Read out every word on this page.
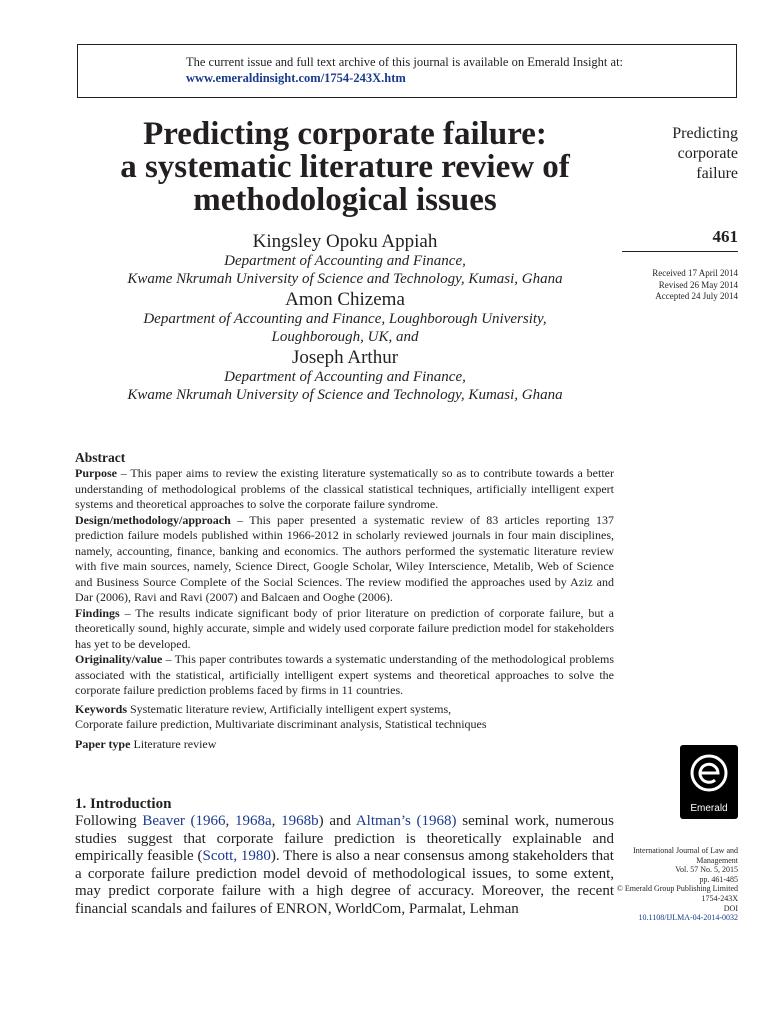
The current issue and full text archive of this journal is available on Emerald Insight at:
www.emeraldinsight.com/1754-243X.htm
Predicting corporate failure:
a systematic literature review of
methodological issues
Kingsley Opoku Appiah
Department of Accounting and Finance,
Kwame Nkrumah University of Science and Technology, Kumasi, Ghana
Amon Chizema
Department of Accounting and Finance, Loughborough University,
Loughborough, UK, and
Joseph Arthur
Department of Accounting and Finance,
Kwame Nkrumah University of Science and Technology, Kumasi, Ghana
Predicting
corporate
failure
461
Received 17 April 2014
Revised 26 May 2014
Accepted 24 July 2014
Abstract

Purpose – This paper aims to review the existing literature systematically so as to contribute towards a better understanding of methodological problems of the classical statistical techniques, artificially intelligent expert systems and theoretical approaches to solve the corporate failure syndrome.

Design/methodology/approach – This paper presented a systematic review of 83 articles reporting 137 prediction failure models published within 1966-2012 in scholarly reviewed journals in four main disciplines, namely, accounting, finance, banking and economics. The authors performed the systematic literature review with five main sources, namely, Science Direct, Google Scholar, Wiley Interscience, Metalib, Web of Science and Business Source Complete of the Social Sciences. The review modified the approaches used by Aziz and Dar (2006), Ravi and Ravi (2007) and Balcaen and Ooghe (2006).

Findings – The results indicate significant body of prior literature on prediction of corporate failure, but a theoretically sound, highly accurate, simple and widely used corporate failure prediction model for stakeholders has yet to be developed.

Originality/value – This paper contributes towards a systematic understanding of the methodological problems associated with the statistical, artificially intelligent expert systems and theoretical approaches to solve the corporate failure prediction problems faced by firms in 11 countries.

Keywords Systematic literature review, Artificially intelligent expert systems,
Corporate failure prediction, Multivariate discriminant analysis, Statistical techniques
Paper type Literature review
Emerald
1. Introduction

Following Beaver (1966, 1968a, 1968b) and Altman’s (1968) seminal work, numerous studies suggest that corporate failure prediction is theoretically explainable and empirically feasible (Scott, 1980). There is also a near consensus among stakeholders that a corporate failure prediction model devoid of methodological issues, to some extent, may predict corporate failure with a high degree of accuracy. Moreover, the recent financial scandals and failures of ENRON, WorldCom, Parmalat, Lehman

International Journal of Law and
Management
Vol. 57 No. 5, 2015
pp. 461-485
© Emerald Group Publishing Limited
1754-243X
DOI
10.1108/IJLMA-04-2014-0032
